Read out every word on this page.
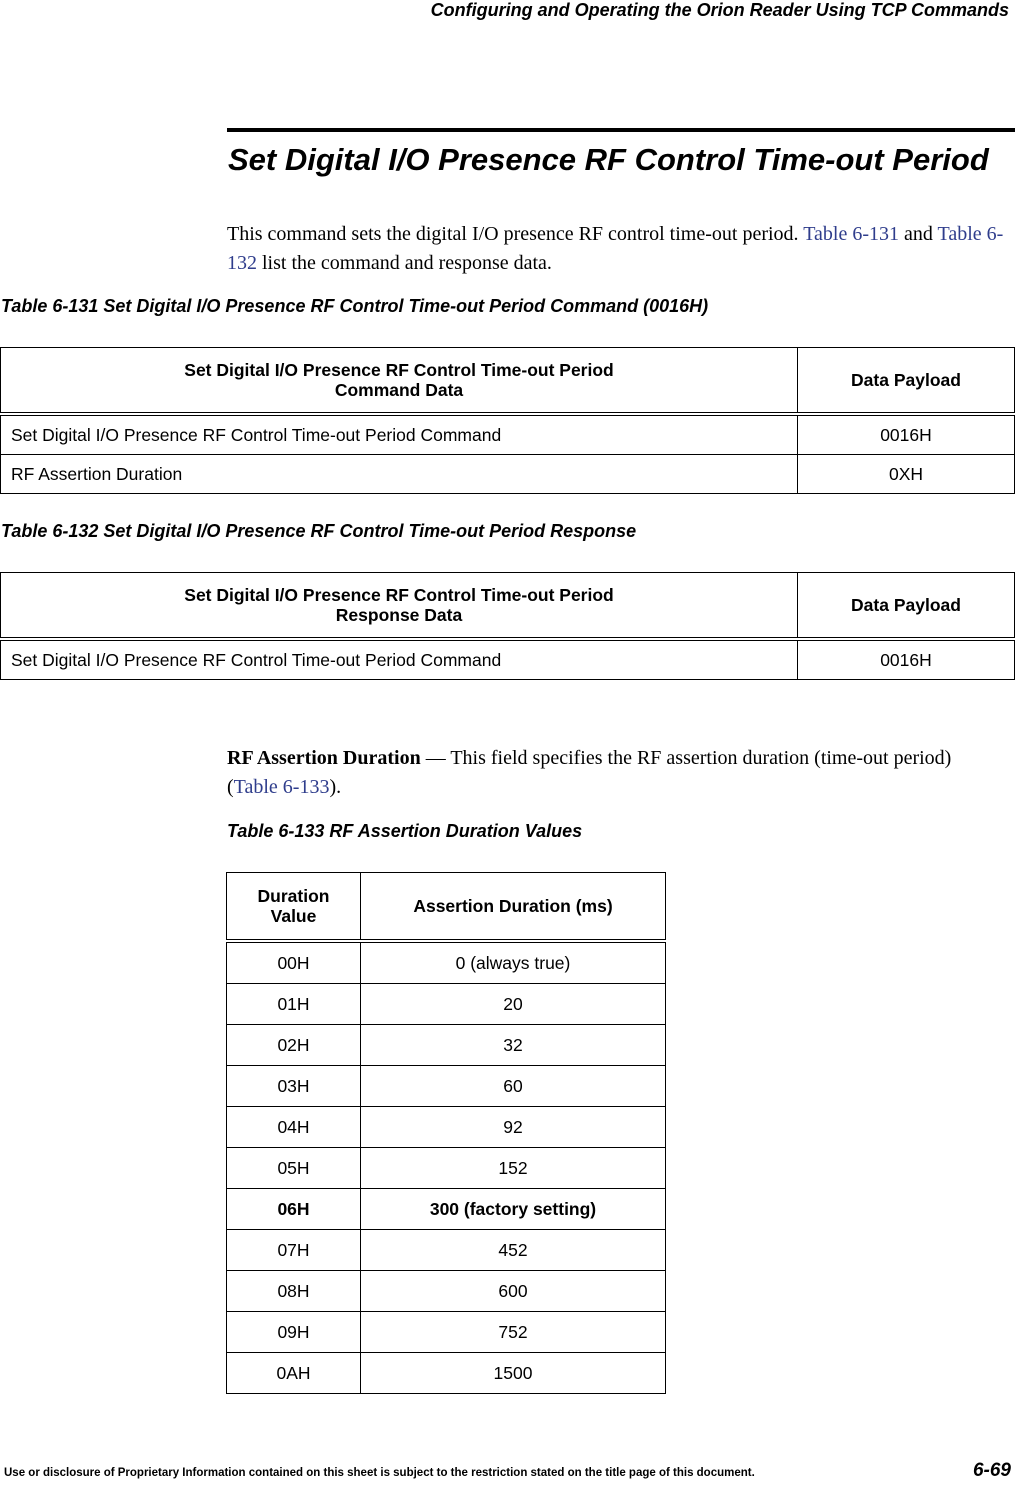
Configuring and Operating the Orion Reader Using TCP Commands
Set Digital I/O Presence RF Control Time-out Period
This command sets the digital I/O presence RF control time-out period. Table 6-131 and Table 6-132 list the command and response data.
Table 6-131 Set Digital I/O Presence RF Control Time-out Period Command (0016H)
Set Digital I/O Presence RF Control Time-out Period
Command Data	Data Payload
Set Digital I/O Presence RF Control Time-out Period Command	0016H
RF Assertion Duration	0XH
Table 6-132 Set Digital I/O Presence RF Control Time-out Period Response
Set Digital I/O Presence RF Control Time-out Period
Response Data	Data Payload
Set Digital I/O Presence RF Control Time-out Period Command	0016H
RF Assertion Duration — This field specifies the RF assertion duration (time-out period) (Table 6-133).
Table 6-133 RF Assertion Duration Values
Duration
Value	Assertion Duration (ms)
00H	0 (always true)
01H	20
02H	32
03H	60
04H	92
05H	152
06H	300 (factory setting)
07H	452
08H	600
09H	752
0AH	1500
Use or disclosure of Proprietary Information contained on this sheet is subject to the restriction stated on the title page of this document.	6-69
